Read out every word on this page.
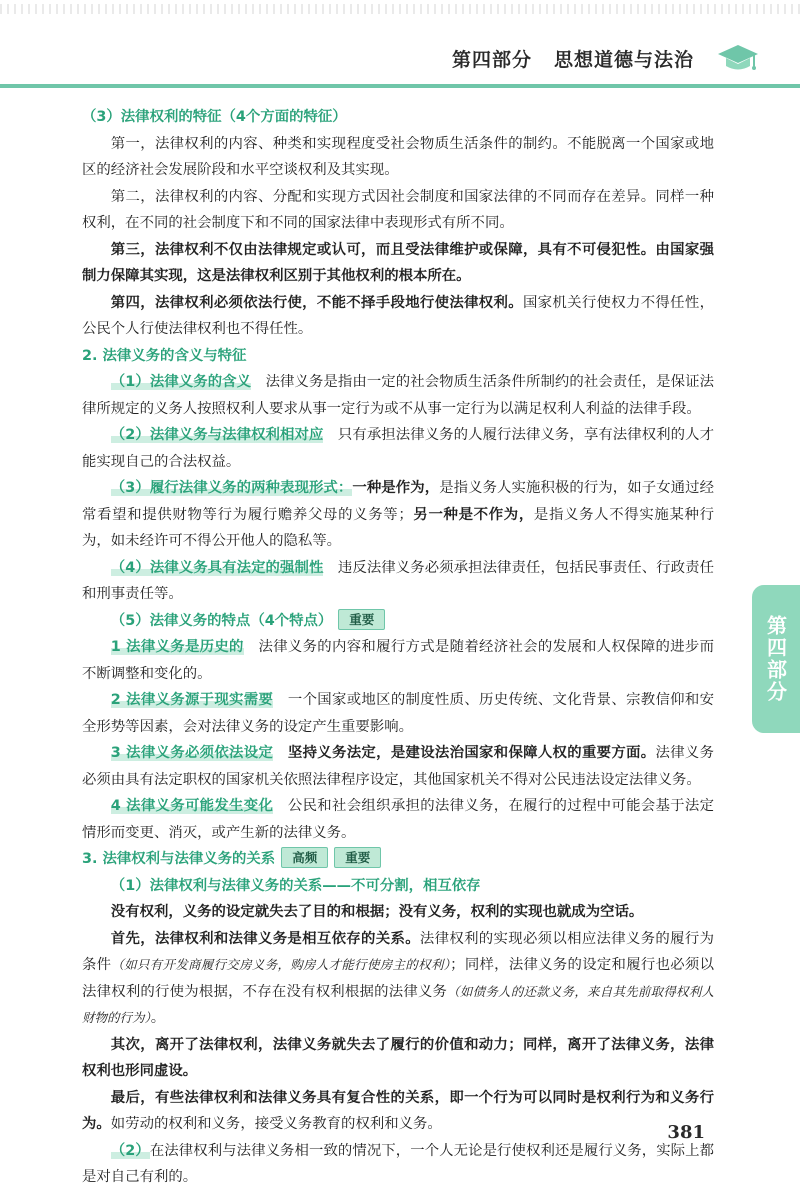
第四部分 思想道德与法治

（3）法律权利的特征（4个方面的特征）

第一，法律权利的内容、种类和实现程度受社会物质生活条件的制约。不能脱离一个国家或地区的经济社会发展阶段和水平空谈权利及其实现。

第二，法律权利的内容、分配和实现方式因社会制度和国家法律的不同而存在差异。同样一种权利，在不同的社会制度下和不同的国家法律中表现形式有所不同。

第三，法律权利不仅由法律规定或认可，而且受法律维护或保障，具有不可侵犯性。由国家强制力保障其实现，这是法律权利区别于其他权利的根本所在。

第四，法律权利必须依法行使，不能不择手段地行使法律权利。国家机关行使权力不得任性，公民个人行使法律权利也不得任性。

2. 法律义务的含义与特征

（1）法律义务的含义　 法律义务是指由一定的社会物质生活条件所制约的社会责任，是保证法律所规定的义务人按照权利人要求从事一定行为或不从事一定行为以满足权利人利益的法律手段。

（2）法律义务与法律权利相对应　 只有承担法律义务的人履行法律义务，享有法律权利的人才能实现自己的合法权益。

（3）履行法律义务的两种表现形式：一种是作为，是指义务人实施积极的行为，如子女通过经常看望和提供财物等行为履行赡养父母的义务等；另一种是不作为，是指义务人不得实施某种行为，如未经许可不得公开他人的隐私等。

（4）法律义务具有法定的强制性　 违反法律义务必须承担法律责任，包括民事责任、行政责任和刑事责任等。

（5）法律义务的特点（4个特点） 重要

1 法律义务是历史的　 法律义务的内容和履行方式是随着经济社会的发展和人权保障的进步而不断调整和变化的。

2 法律义务源于现实需要　 一个国家或地区的制度性质、历史传统、文化背景、宗教信仰和安全形势等因素，会对法律义务的设定产生重要影响。

3 法律义务必须依法设定　 坚持义务法定，是建设法治国家和保障人权的重要方面。法律义务必须由具有法定职权的国家机关依照法律程序设定，其他国家机关不得对公民违法设定法律义务。

4 法律义务可能发生变化　 公民和社会组织承担的法律义务，在履行的过程中可能会基于法定情形而变更、消灭，或产生新的法律义务。

3. 法律权利与法律义务的关系 高频 重要

（1）法律权利与法律义务的关系——不可分割，相互依存

没有权利，义务的设定就失去了目的和根据；没有义务，权利的实现也就成为空话。

首先，法律权利和法律义务是相互依存的关系。法律权利的实现必须以相应法律义务的履行为条件（如只有开发商履行交房义务，购房人才能行使房主的权利）；同样，法律义务的设定和履行也必须以法律权利的行使为根据，不存在没有权利根据的法律义务（如债务人的还款义务，来自其先前取得权利人财物的行为）。

其次，离开了法律权利，法律义务就失去了履行的价值和动力；同样，离开了法律义务，法律权利也形同虚设。

最后，有些法律权利和法律义务具有复合性的关系，即一个行为可以同时是权利行为和义务行为。如劳动的权利和义务，接受义务教育的权利和义务。

（2）在法律权利与法律义务相一致的情况下，一个人无论是行使权利还是履行义务，实际上都是对自己有利的。

第四部分
381
